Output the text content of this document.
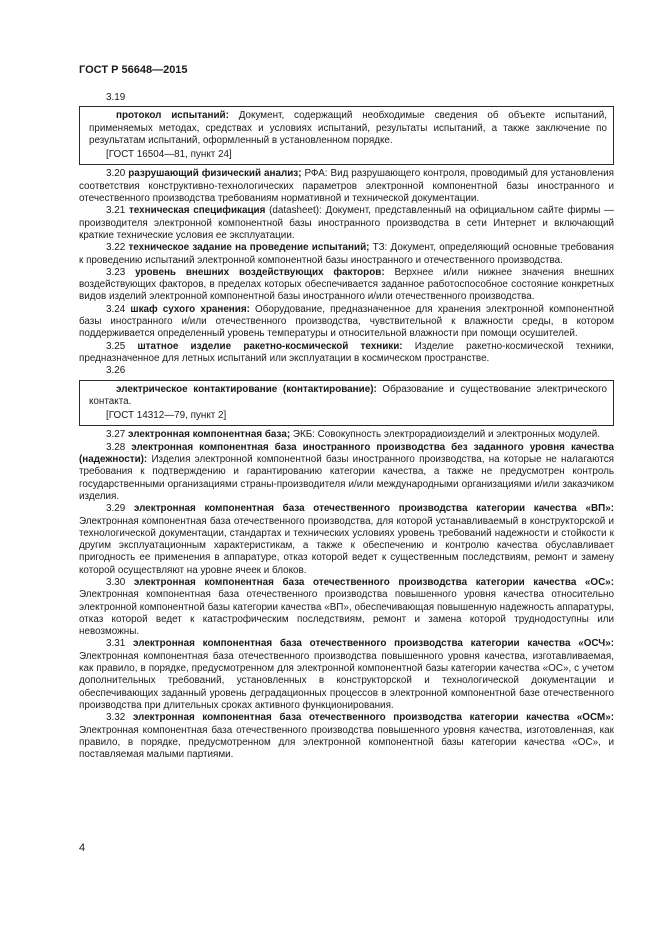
ГОСТ Р 56648—2015

3.19

протокол испытаний: Документ, содержащий необходимые сведения об объекте испытаний, применяемых методах, средствах и условиях испытаний, результаты испытаний, а также заключение по результатам испытаний, оформленный в установленном порядке.

[ГОСТ 16504—81, пункт 24]

3.20 разрушающий физический анализ; РФА: Вид разрушающего контроля, проводимый для установления соответствия конструктивно-технологических параметров электронной компонентной базы иностранного и отечественного производства требованиям нормативной и технической документации.

3.21 техническая спецификация (datasheet): Документ, представленный на официальном сайте фирмы — производителя электронной компонентной базы иностранного производства в сети Интернет и включающий краткие технические условия ее эксплуатации.

3.22 техническое задание на проведение испытаний; ТЗ: Документ, определяющий основные требования к проведению испытаний электронной компонентной базы иностранного и отечественного производства.

3.23 уровень внешних воздействующих факторов: Верхнее и/или нижнее значения внешних воздействующих факторов, в пределах которых обеспечивается заданное работоспособное состояние конкретных видов изделий электронной компонентной базы иностранного и/или отечественного производства.

3.24 шкаф сухого хранения: Оборудование, предназначенное для хранения электронной компонентной базы иностранного и/или отечественного производства, чувствительной к влажности среды, в котором поддерживается определенный уровень температуры и относительной влажности при помощи осушителей.

3.25 штатное изделие ракетно-космической техники: Изделие ракетно-космической техники, предназначенное для летных испытаний или эксплуатации в космическом пространстве.

3.26

электрическое контактирование (контактирование): Образование и существование электрического контакта.

[ГОСТ 14312—79, пункт 2]

3.27 электронная компонентная база; ЭКБ: Совокупность электрорадиоизделий и электронных модулей.

3.28 электронная компонентная база иностранного производства без заданного уровня качества (надежности): Изделия электронной компонентной базы иностранного производства, на которые не налагаются требования к подтверждению и гарантированию категории качества, а также не предусмотрен контроль государственными организациями страны-производителя и/или международными организациями и/или заказчиком изделия.

3.29 электронная компонентная база отечественного производства категории качества «ВП»: Электронная компонентная база отечественного производства, для которой устанавливаемый в конструкторской и технологической документации, стандартах и технических условиях уровень требований надежности и стойкости к другим эксплуатационным характеристикам, а также к обеспечению и контролю качества обуславливает пригодность ее применения в аппаратуре, отказ которой ведет к существенным последствиям, ремонт и замену которой осуществляют на уровне ячеек и блоков.

3.30 электронная компонентная база отечественного производства категории качества «ОС»: Электронная компонентная база отечественного производства повышенного уровня качества относительно электронной компонентной базы категории качества «ВП», обеспечивающая повышенную надежность аппаратуры, отказ которой ведет к катастрофическим последствиям, ремонт и замена которой труднодоступны или невозможны.

3.31 электронная компонентная база отечественного производства категории качества «ОСЧ»: Электронная компонентная база отечественного производства повышенного уровня качества, изготавливаемая, как правило, в порядке, предусмотренном для электронной компонентной базы категории качества «ОС», с учетом дополнительных требований, установленных в конструкторской и технологической документации и обеспечивающих заданный уровень деградационных процессов в электронной компонентной базе отечественного производства при длительных сроках активного функционирования.

3.32 электронная компонентная база отечественного производства категории качества «ОСМ»: Электронная компонентная база отечественного производства повышенного уровня качества, изготовленная, как правило, в порядке, предусмотренном для электронной компонентной базы категории качества «ОС», и поставляемая малыми партиями.

4
